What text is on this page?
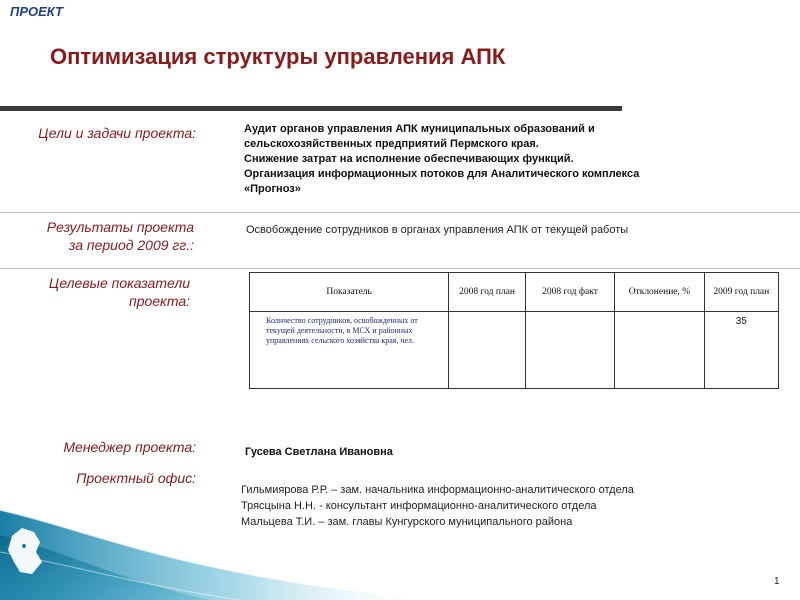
ПРОЕКТ
Оптимизация структуры управления АПК
Цели и задачи проекта:	Аудит органов управления АПК муниципальных образований и
сельскохозяйственных предприятий Пермского края.
Снижение затрат на исполнение обеспечивающих функций.
Организация информационных потоков для Аналитического комплекса
«Прогноз»
Результаты проекта
за период 2009 гг.:
Освобождение сотрудников в органах управления АПК от текущей работы
Целевые показатели
проекта:
Показатель	2008 год план	2008 год факт	Отклонение, %	2009 год план
Количество сотрудников, освобожденных от текущей деятельности, в МСХ и районных управлениях сельского хозяйства края, чел.				35
Менеджер проекта:	Гусева Светлана Ивановна
Проектный офис:
Гильмиярова Р.Р. – зам. начальника информационно-аналитического отдела
Трясцына Н.Н. - консультант информационно-аналитического отдела
Мальцева Т.И. – зам. главы Кунгурского муниципального района
1
